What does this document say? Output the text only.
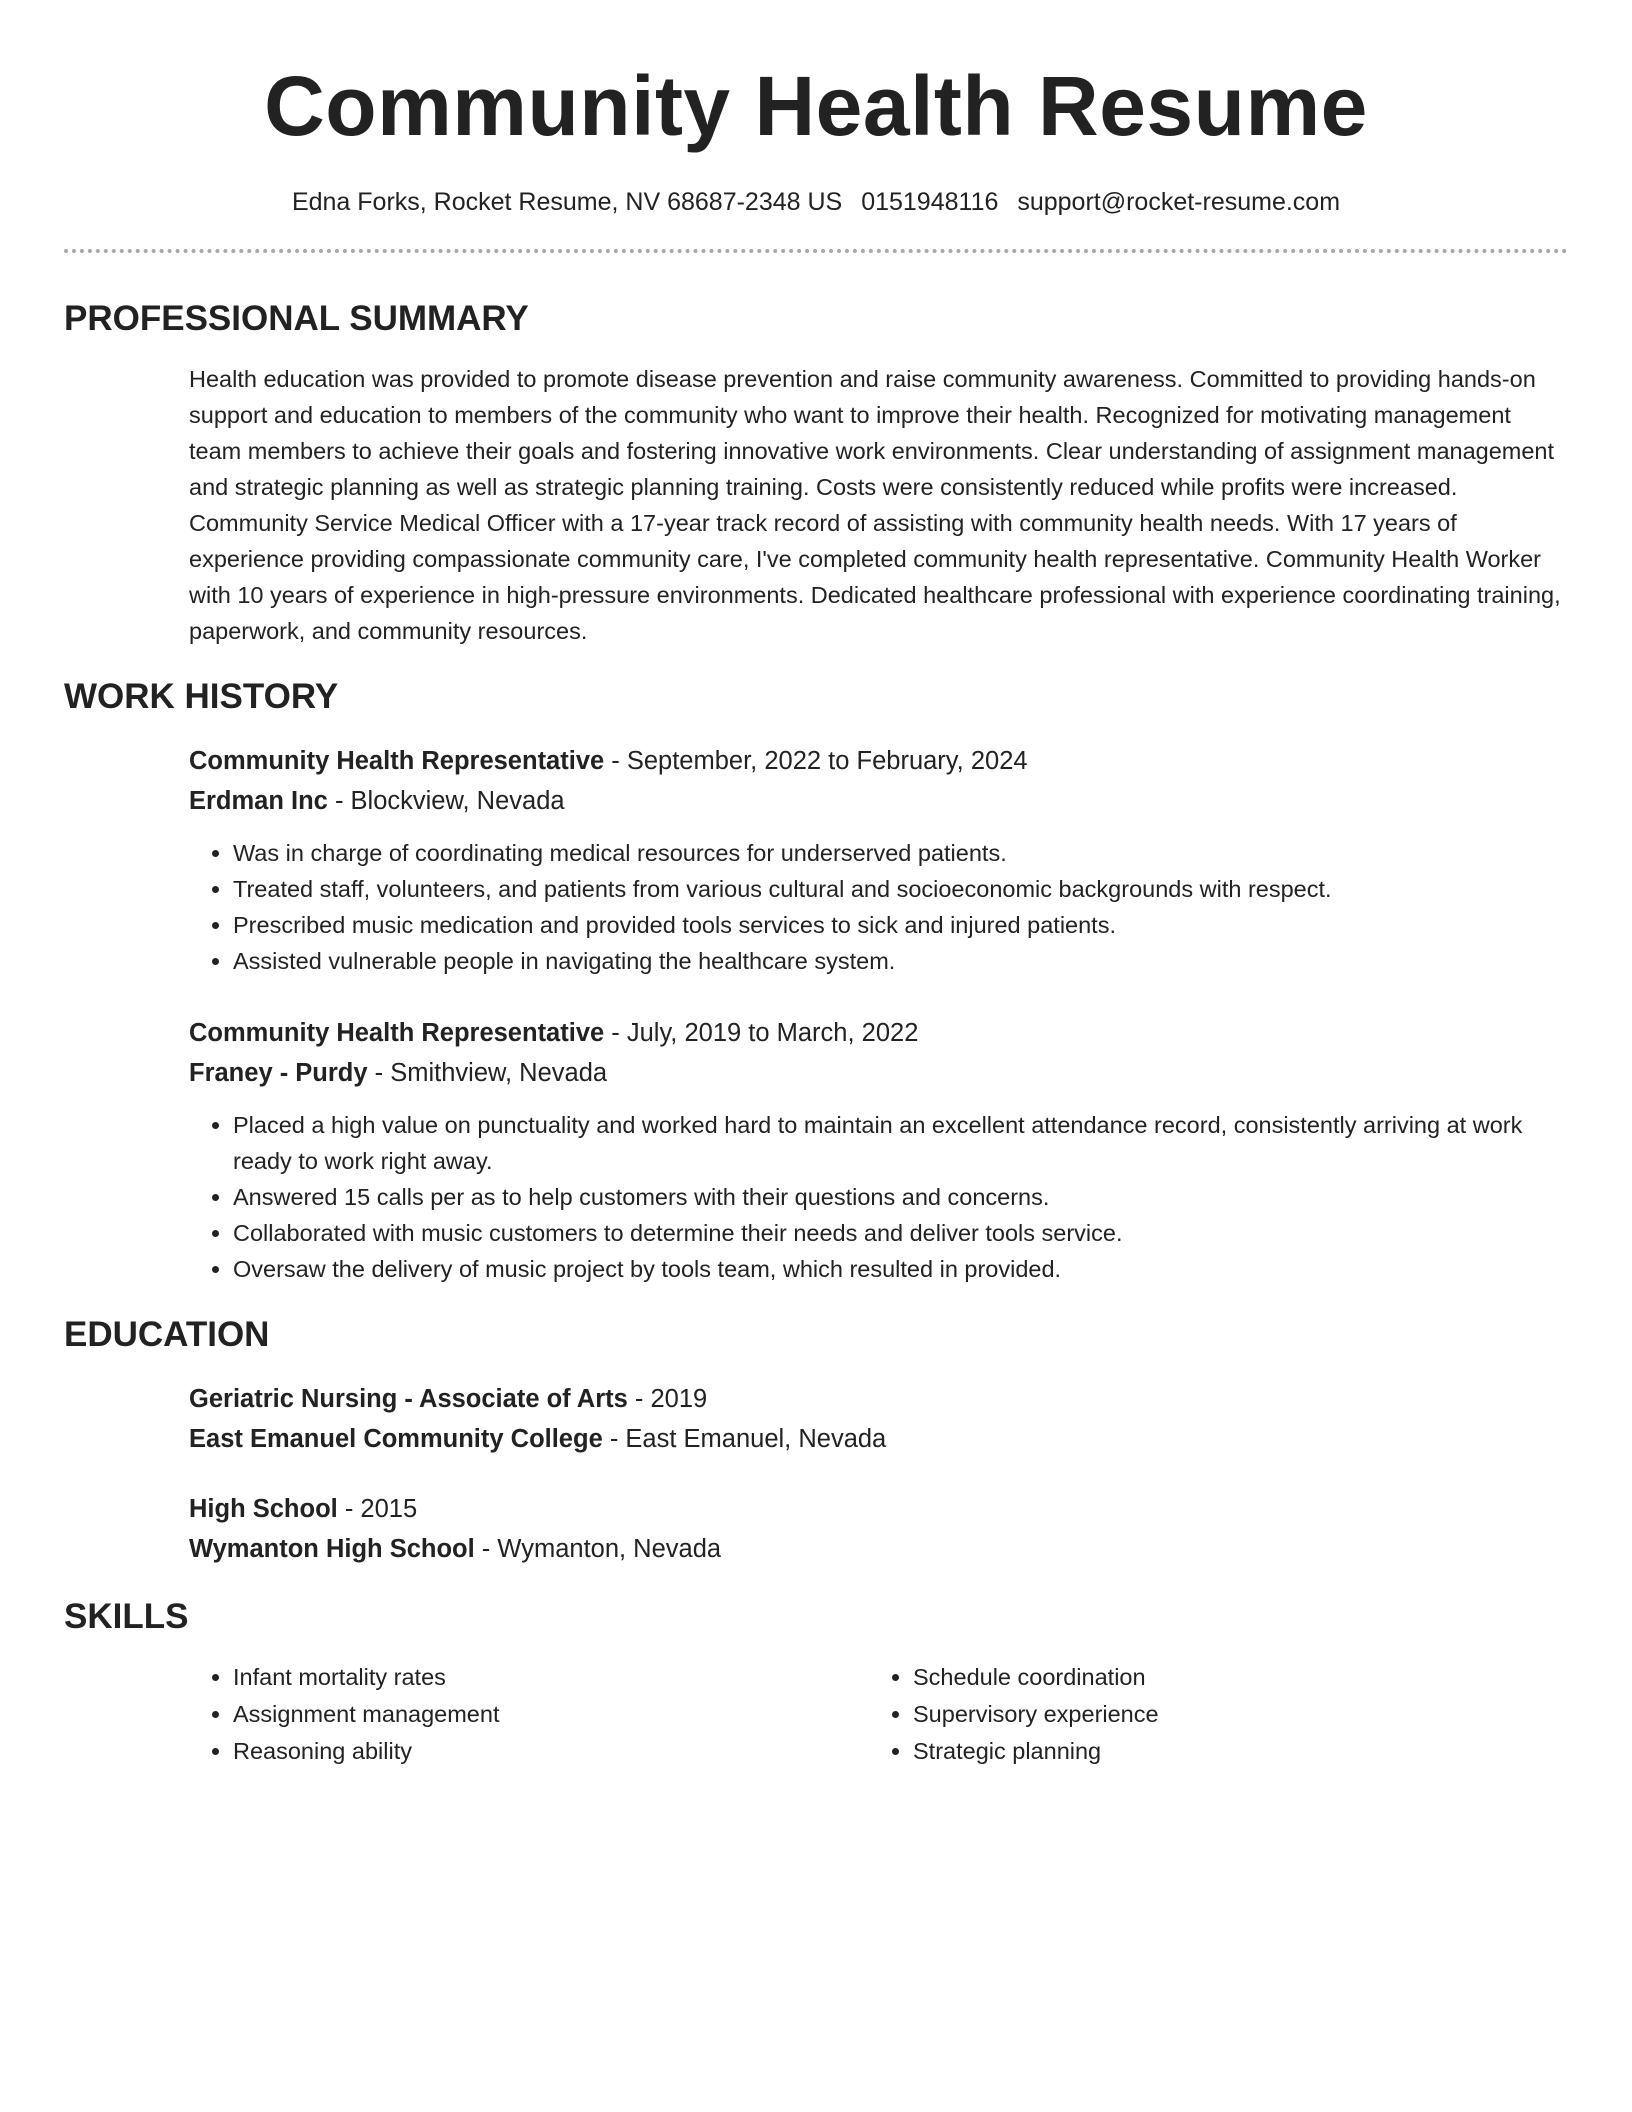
Community Health Resume
Edna Forks, Rocket Resume, NV 68687-2348 US 0151948116 support@rocket-resume.com
PROFESSIONAL SUMMARY

Health education was provided to promote disease prevention and raise community awareness. Committed to providing hands-on support and education to members of the community who want to improve their health. Recognized for motivating management team members to achieve their goals and fostering innovative work environments. Clear understanding of assignment management and strategic planning as well as strategic planning training. Costs were consistently reduced while profits were increased. Community Service Medical Officer with a 17-year track record of assisting with community health needs. With 17 years of experience providing compassionate community care, I've completed community health representative. Community Health Worker with 10 years of experience in high-pressure environments. Dedicated healthcare professional with experience coordinating training, paperwork, and community resources.

WORK HISTORY
Community Health Representative - September, 2022 to February, 2024
Erdman Inc - Blockview, Nevada
• Was in charge of coordinating medical resources for underserved patients.
• Treated staff, volunteers, and patients from various cultural and socioeconomic backgrounds with respect.
• Prescribed music medication and provided tools services to sick and injured patients.
• Assisted vulnerable people in navigating the healthcare system.
Community Health Representative - July, 2019 to March, 2022
Franey - Purdy - Smithview, Nevada
• Placed a high value on punctuality and worked hard to maintain an excellent attendance record, consistently arriving at work ready to work right away.
• Answered 15 calls per as to help customers with their questions and concerns.
• Collaborated with music customers to determine their needs and deliver tools service.
• Oversaw the delivery of music project by tools team, which resulted in provided.
EDUCATION
Geriatric Nursing - Associate of Arts - 2019
East Emanuel Community College - East Emanuel, Nevada
High School - 2015
Wymanton High School - Wymanton, Nevada
SKILLS
• Infant mortality rates
• Assignment management
• Reasoning ability
• Schedule coordination
• Supervisory experience
• Strategic planning
